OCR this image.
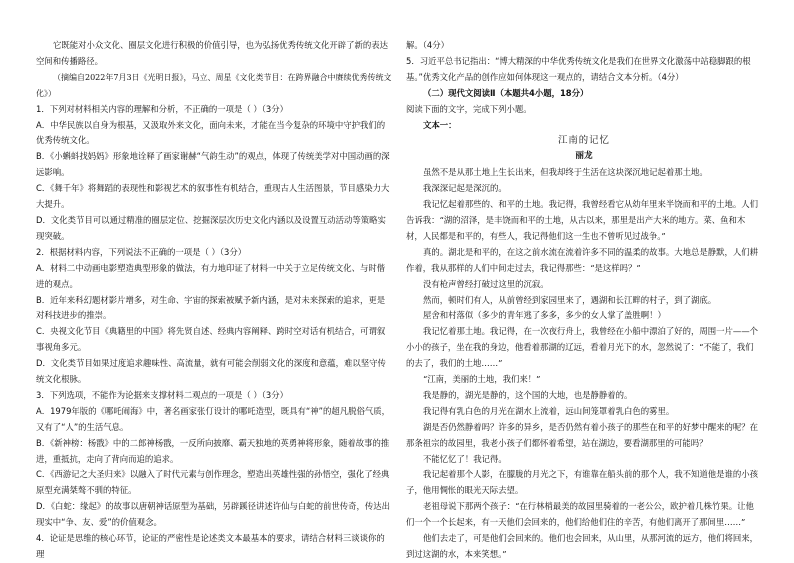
它既能对小众文化、圈层文化进行积极的价值引导，也为弘扬优秀传统文化开辟了新的表达空间和传播路径。

（摘编自2022年7月3日《光明日报》，马立、周星《文化类节目：在跨界融合中赓续优秀传统文化》）

1．下列对材料相关内容的理解和分析，不正确的一项是（ ）（3分）

A．中华民族以自身为根基，又汲取外来文化，面向未来，才能在当今复杂的环境中守护我们的优秀传统文化。

B．《小蝌蚪找妈妈》形象地诠释了画家谢赫“气韵生动”的观点，体现了传统美学对中国动画的深远影响。

C．《舞千年》将舞蹈的表现性和影视艺术的叙事性有机结合，重现古人生活图景，节目感染力大大提升。

D．文化类节目可以通过精准的圈层定位、挖掘深层次历史文化内涵以及设置互动活动等策略实现突破。

2．根据材料内容，下列说法不正确的一项是（ ）（3分）

A．材料二中动画电影塑造典型形象的做法，有力地印证了材料一中关于立足传统文化、与时偕进的观点。

B．近年来科幻题材影片增多，对生命、宇宙的探索被赋予新内涵，是对未来探索的追求，更是对科技进步的推崇。

C．央视文化节目《典籍里的中国》将先贤自述、经典内容阐释、跨时空对话有机结合，可谓叙事视角多元。

D．文化类节目如果过度追求趣味性、高流量，就有可能会削弱文化的深度和意蕴，难以坚守传统文化根脉。

3．下列选项，不能作为论据来支撑材料二观点的一项是（ ）（3分）

A．1979年版的《哪吒闹海》中，著名画家张仃设计的哪吒造型，既具有“神”的超凡脱俗气质，又有了“人”的生活气息。

B．《新神榜：杨戬》中的二郎神杨戬，一反所向披靡、霸天独地的英勇神将形象，随着故事的推进，重抵抗，走向了背向而追的追求。

C．《西游记之大圣归来》以融入了时代元素与创作理念，塑造出英雄性强的孙悟空，强化了经典原型充满桀骜不驯的特征。

D．《白蛇：缘起》的故事以唐朝神话原型为基础，另辟蹊径讲述许仙与白蛇的前世传奇，传达出现实中“争、友、爱”的价值观念。

4．论证是思维的核心环节，论证的严密性是论述类文本最基本的要求，请结合材料三谈谈你的理

解。（4分）

5．习近平总书记指出：“博大精深的中华优秀传统文化是我们在世界文化激荡中站稳脚跟的根基。”优秀文化产品的创作应如何体现这一观点的，请结合文本分析。（4分）

（二）现代文阅读Ⅱ（本题共4小题，18分）

阅读下面的文字，完成下列小题。

文本一：

江南的记忆

丽龙

虽然不是从那土地上生长出来，但我却终于生活在这块深沉地记起着那土地。

我深深记起是深沉的。

我记忆起着那些的、和平的土地。我记得，我曾经看它从幼年里来半饶而和平的土地。人们告诉我：“湖的沼泽，是丰饶而和平的土地，从古以来，那里是出产大米的地方。菜、鱼和木材，人民都是和平的，有些人，我记得他们这一生也不曾听见过战争。”

真的。湖北是和平的，在这之前水流在流着许多不同的温柔的故事。大地总是静默，人们耕作着，我从那样的人们中间走过去，我记得那些：“是这样吗？”

没有枪声曾经打破过这里的沉寂。

然而，顿时们有人，从前曾经到家园里来了，遇湖和长江畔的村子，到了湖底。

屋舍和村落似（多少的青年逃了多多，多少的女人掌了盖胜啊！）

我记忆着那土地。我记得，在一次夜行舟上，我曾经在小船中漂泊了好的，周围一片——个小小的孩子，坐在我的身边，他看着那湖的辽远，看着月光下的水，忽然说了：“不能了，我们的去了，我们的土地……”

“江南，美丽的土地，我们来！”

我是静的，湖光是静的，这个国的大地，也是静静着的。

我记得有乳白色的月光在湖水上流着，远山间笼罩着乳白色的雾里。

湖是否仍然静着吗？许多的异乡，是否仍然有着小孩子的那些在和平的好梦中醒来的呢？在那条祖宗的故园里，我老小孩子们都怀着希望，站在湖边，要看湖那里的可能吗？

不能忆忆了！我记得。

我记起着那个人影，在朦胧的月光之下，有谁靠在船头前的那个人，我不知道他是谁的小孩子，他用惆怅的眼光天际去望。

老祖母说下那两个孩子：“在行林梢最美的故园里骑着的一老公公，欧护着几株竹果。让他们一个一个长起来，有一天他们会回来的，他们给他们住的辛苦，有他们离开了那间里……”

他们去走了，可是他们会回来的。他们也会回来，从山里，从那河流的远方，他们将回来，到过这湖的水，本来笑想。”
